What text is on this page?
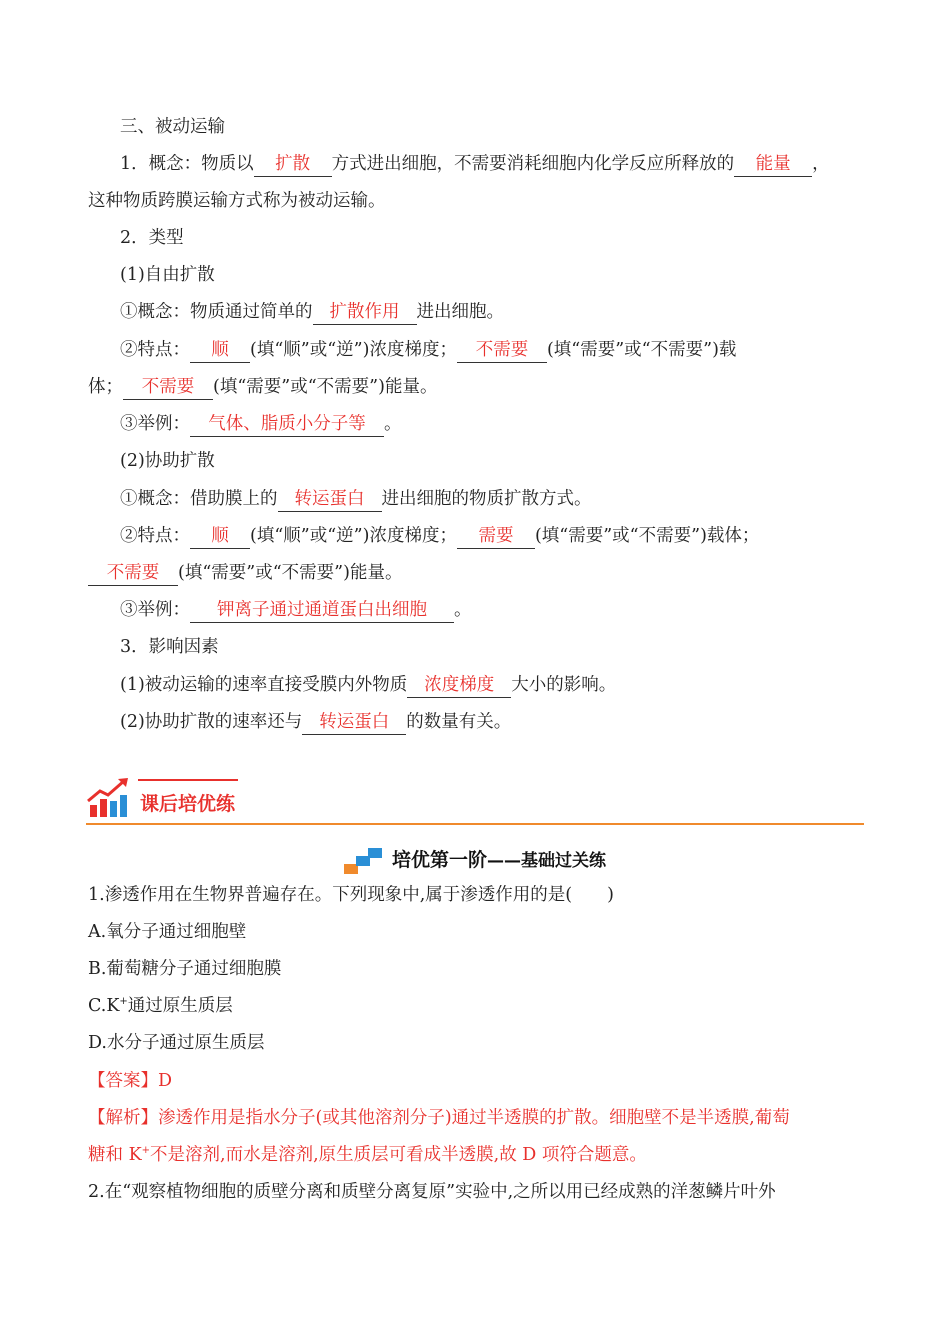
三、被动运输
1．概念：物质以 扩散 方式进出细胞，不需要消耗细胞内化学反应所释放的 能量 ，
这种物质跨膜运输方式称为被动运输。
2．类型
(1)自由扩散
①概念：物质通过简单的 扩散作用 进出细胞。
②特点： 顺 (填“顺”或“逆”)浓度梯度； 不需要 (填“需要”或“不需要”)载
体； 不需要 (填“需要”或“不需要”)能量。
③举例： 气体、脂质小分子等 。
(2)协助扩散
①概念：借助膜上的 转运蛋白 进出细胞的物质扩散方式。
②特点： 顺 (填“顺”或“逆”)浓度梯度； 需要 (填“需要”或“不需要”)载体；
不需要 (填“需要”或“不需要”)能量。
③举例： 钾离子通过通道蛋白出细胞 。
3．影响因素
(1)被动运输的速率直接受膜内外物质 浓度梯度 大小的影响。
(2)协助扩散的速率还与 转运蛋白 的数量有关。
课后培优练
培优第一阶——基础过关练
1.渗透作用在生物界普遍存在。下列现象中,属于渗透作用的是(　　)
A.氧分子通过细胞壁
B.葡萄糖分子通过细胞膜
C.K+通过原生质层
D.水分子通过原生质层
【答案】D
【解析】渗透作用是指水分子(或其他溶剂分子)通过半透膜的扩散。细胞壁不是半透膜,葡萄
糖和 K+不是溶剂,而水是溶剂,原生质层可看成半透膜,故 D 项符合题意。
2.在“观察植物细胞的质壁分离和质壁分离复原”实验中,之所以用已经成熟的洋葱鳞片叶外
